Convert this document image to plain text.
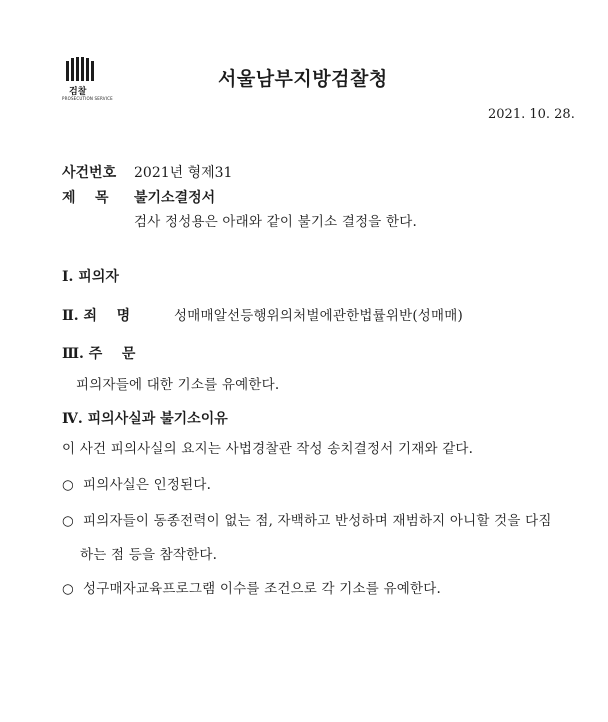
검찰
PROSECUTION SERVICE
서울남부지방검찰청
2021. 10. 28.
사건번호 2021년 형제31
제    목 불기소결정서
검사 정성용은 아래와 같이 불기소 결정을 한다.
Ⅰ. 피의자
Ⅱ. 죄    명	성매매알선등행위의처벌에관한법률위반(성매매)
Ⅲ. 주    문
피의자들에 대한 기소를 유예한다.
Ⅳ. 피의사실과 불기소이유
이 사건 피의사실의 요지는 사법경찰관 작성 송치결정서 기재와 같다.
○  피의사실은 인정된다.
○  피의자들이 동종전력이 없는 점, 자백하고 반성하며 재범하지 아니할 것을 다짐
하는 점 등을 참작한다.
○  성구매자교육프로그램 이수를 조건으로 각 기소를 유예한다.
